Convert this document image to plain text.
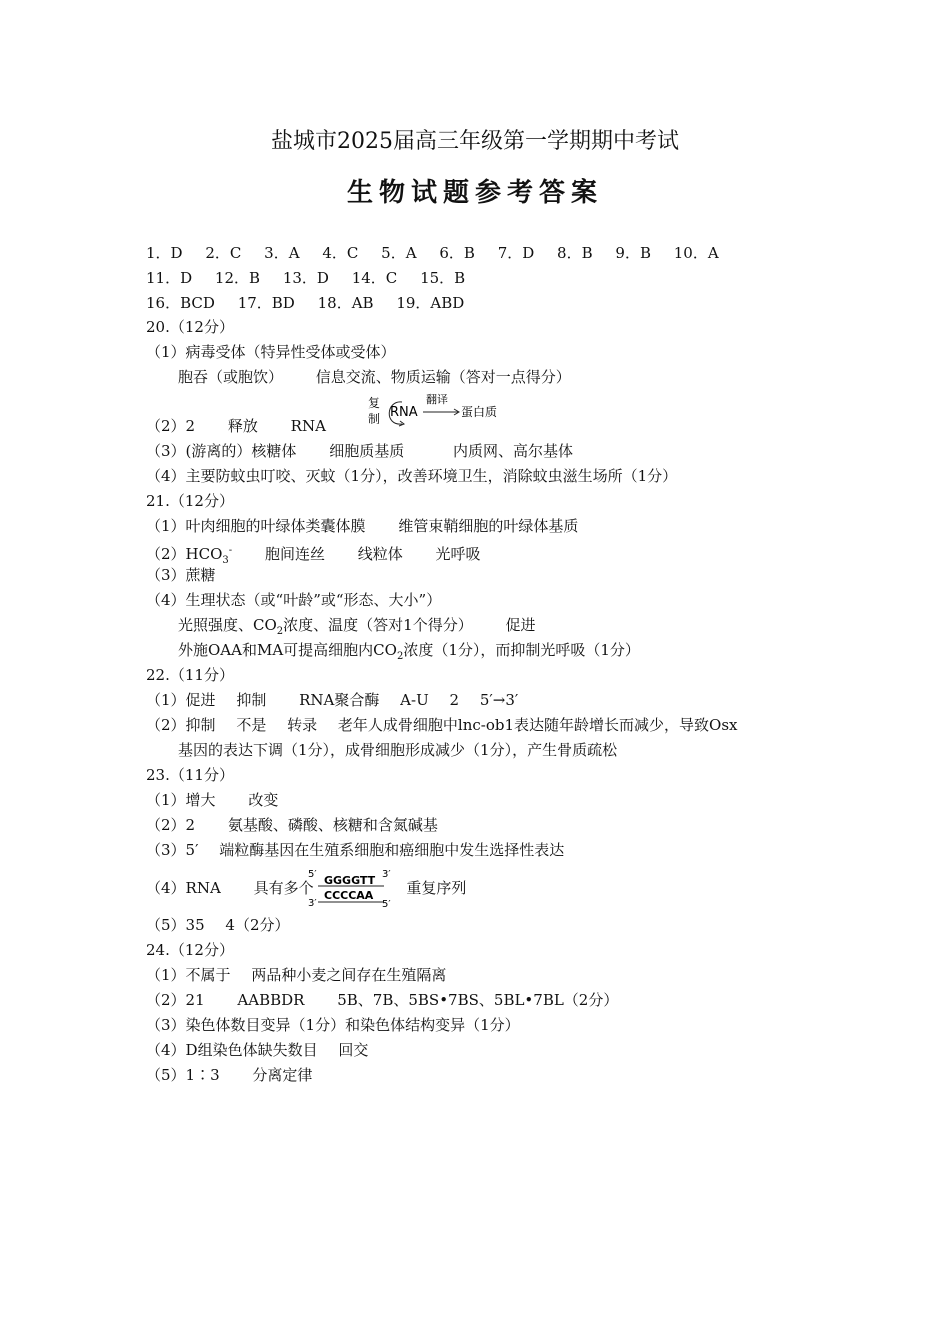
盐城市2025届高三年级第一学期期中考试
生物试题参考答案
1．D 2．C 3．A 4．C 5．A 6．B 7．D 8．B 9．B 10．A
11．D 12．B 13．D 14．C 15．B
16．BCD 17．BD 18．AB 19．ABD
20.（12分）
（1）病毒受体（特异性受体或受体）
胞吞（或胞饮） 信息交流、物质运输（答对一点得分）
（2）2 释放 RNA
复
制 RNA
翻译
蛋白质
（3）(游离的）核糖体 细胞质基质	内质网、高尔基体
（4）主要防蚊虫叮咬、灭蚊（1分），改善环境卫生，消除蚊虫滋生场所（1分）
21.（12分）
（1）叶肉细胞的叶绿体类囊体膜 维管束鞘细胞的叶绿体基质
$(2)HCO_3^-$ 胞间连丝 线粒体 光呼吸
（3）蔗糖
（4）生理状态（或“叶龄”或“形态、大小”）
光照强度、$CO_2$浓度、温度（答对1个得分） 促进
外施OAA和MA可提高细胞内$CO_2$浓度（1分），而抑制光呼吸（1分）
22.（11分）
（1）促进 抑制 RNA聚合酶 A-U 2 5′→3′
（2）抑制 不是 转录 老年人成骨细胞中lnc-ob1表达随年龄增长而减少，导致Osx
基因的表达下调（1分），成骨细胞形成减少（1分），产生骨质疏松
23.（11分）
（1）增大 改变
（2）2 氨基酸、磷酸、核糖和含氮碱基
（3）5′ 端粒酶基因在生殖系细胞和癌细胞中发生选择性表达
（4）RNA 具有多个	重复序列
5′ GGGGTT 3′
3′
CCCCAA
5′
（5）35 4（2分）
24.（12分）
（1）不属于 两品种小麦之间存在生殖隔离
（2）21 AABBDR 5B、7B、5BS•7BS、5BL•7BL（2分）
（3）染色体数目变异（1分）和染色体结构变异（1分）
（4）D组染色体缺失数目 回交
（5）1∶3 分离定律
